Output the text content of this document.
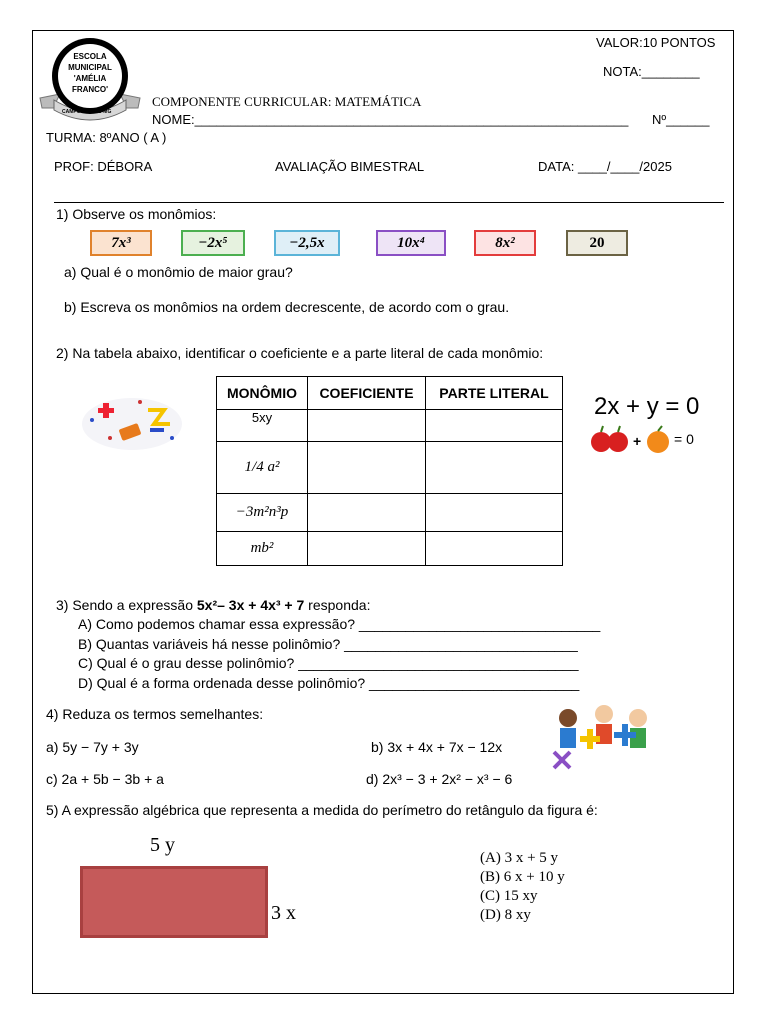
ESCOLA
MUNICIPAL
'AMÉLIA
FRANCO'
CAMPOS ALTOS-MG
VALOR:10 PONTOS
NOTA:________
COMPONENTE CURRICULAR: MATEMÁTICA
NOME:____________________________________________________________ Nº______
TURMA: 8ºANO ( A )
PROF: DÉBORA	AVALIAÇÃO BIMESTRAL	DATA: ____/____/2025
1) Observe os monômios:
7x³	−2x⁵	−2,5x	10x⁴	8x²	20
a) Qual é o monômio de maior grau?
b) Escreva os monômios na ordem decrescente, de acordo com o grau.
2) Na tabela abaixo, identificar o coeficiente e a parte literal de cada monômio:
MONÔMIO	COEFICIENTE	PARTE LITERAL
5xy		
1/4 a²		
−3m²n³p		
mb²		
2x + y = 0
+ = 0
3) Sendo a expressão 5x²– 3x + 4x³ + 7 responda:
A) Como podemos chamar essa expressão? _______________________________
B) Quantas variáveis há nesse polinômio? ______________________________
C) Qual é o grau desse polinômio? ____________________________________
D) Qual é a forma ordenada desse polinômio? ___________________________
4) Reduza os termos semelhantes:
a) 5y − 7y + 3y	b) 3x + 4x + 7x − 12x
c) 2a + 5b − 3b + a	d) 2x³ − 3 + 2x² − x³ − 6
5) A expressão algébrica que representa a medida do perímetro do retângulo da figura é:
5 y
3 x
(A) 3 x + 5 y
(B) 6 x + 10 y
(C) 15 xy
(D) 8 xy
